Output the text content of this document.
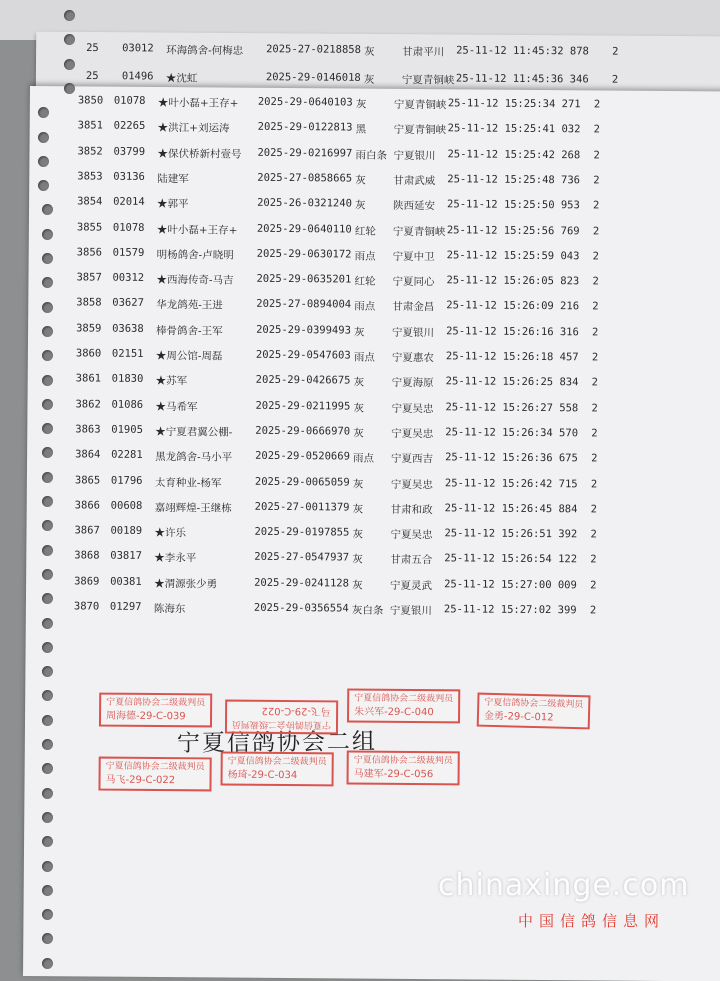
25 03012 环海鸽舍-何梅忠 2025-27-0218858 灰	甘肃平川 25-11-12 11:45:32 878 2
25 01496 ★沈虹	2025-29-0146018 灰	宁夏青铜峡 25-11-12 11:45:36 346 2
3850 01078 ★叶小磊+王存+ 2025-29-0640103 灰	宁夏青铜峡 25-11-12 15:25:34 271 2
3851 02265 ★洪江+刘运涛	2025-29-0122813 黑	宁夏青铜峡 25-11-12 15:25:41 032 2
3852 03799 ★保伏桥新村壹号 2025-29-0216997 雨白条 宁夏银川 25-11-12 15:25:42 268 2
3853 03136 陆建军	2025-27-0858665 灰	甘肃武威 25-11-12 15:25:48 736 2
3854 02014 ★郭平	2025-26-0321240 灰	陕西延安 25-11-12 15:25:50 953 2
3855 01078 ★叶小磊+王存+ 2025-29-0640110 红轮 宁夏青铜峡 25-11-12 15:25:56 769 2
3856 01579 明杨鸽舍-卢晓明 2025-29-0630172 雨点 宁夏中卫 25-11-12 15:25:59 043 2
3857 00312 ★西海传奇-马吉 2025-29-0635201 红轮 宁夏同心 25-11-12 15:26:05 823 2
3858 03627 华龙鸽苑-王进	2025-27-0894004 雨点 甘肃金昌 25-11-12 15:26:09 216 2
3859 03638 棒骨鸽舍-王军	2025-29-0399493 灰	宁夏银川 25-11-12 15:26:16 316 2
3860 02151 ★周公馆-周磊	2025-29-0547603 雨点 宁夏惠农 25-11-12 15:26:18 457 2
3861 01830 ★苏军	2025-29-0426675 灰	宁夏海原 25-11-12 15:26:25 834 2
3862 01086 ★马希军	2025-29-0211995 灰	宁夏吴忠 25-11-12 15:26:27 558 2
3863 01905 ★宁夏君翼公棚- 2025-29-0666970 灰	宁夏吴忠 25-11-12 15:26:34 570 2
3864 02281 黑龙鸽舍-马小平 2025-29-0520669 雨点 宁夏西吉 25-11-12 15:26:36 675 2
3865 01796 太育种业-杨军	2025-29-0065059 灰	宁夏吴忠 25-11-12 15:26:42 715 2
3866 00608 嘉翊辉煌-王继栋 2025-27-0011379 灰	甘肃和政 25-11-12 15:26:45 884 2
3867 00189 ★许乐	2025-29-0197855 灰	宁夏吴忠 25-11-12 15:26:51 392 2
3868 03817 ★李永平	2025-27-0547937 灰	甘肃五合 25-11-12 15:26:54 122 2
3869 00381 ★渭源张少勇	2025-29-0241128 灰	宁夏灵武 25-11-12 15:27:00 009 2
3870 01297 陈海东	2025-29-0356554 灰白条 宁夏银川 25-11-12 15:27:02 399 2
宁夏信鸽协会二组
宁夏信鸽协会二级裁判员
周海德-29-C-039
宁夏信鸽协会二级裁判员
马飞-29-C-022
宁夏信鸽协会二级裁判员
朱兴军-29-C-040
宁夏信鸽协会二级裁判员
金勇-29-C-012
宁夏信鸽协会二级裁判员
马飞-29-C-022
宁夏信鸽协会二级裁判员
杨琦-29-C-034
宁夏信鸽协会二级裁判员
马建军-29-C-056
chinaxinge.com
中国信鸽信息网
